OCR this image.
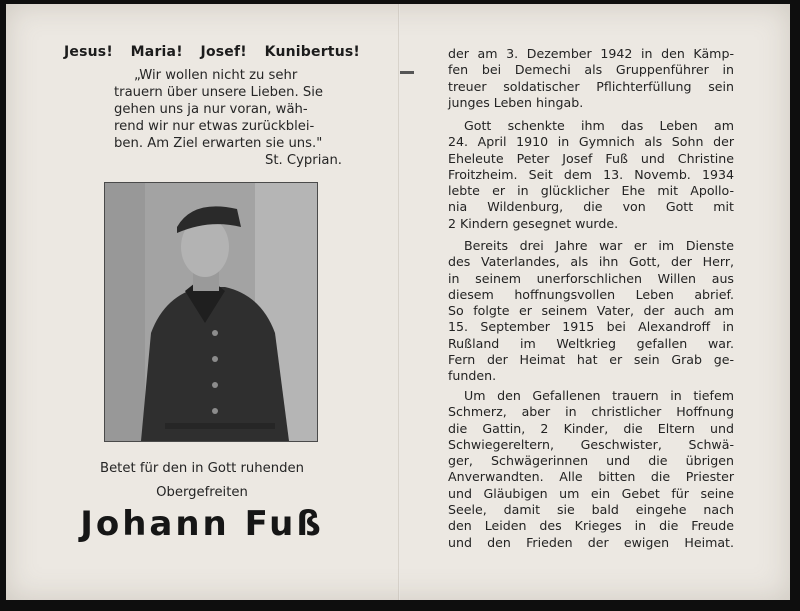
Jesus! Maria! Josef! Kunibertus!
„Wir wollen nicht zu sehr
trauern über unsere Lieben. Sie
gehen uns ja nur voran, wäh-
rend wir nur etwas zurückblei-
ben. Am Ziel erwarten sie uns."
St. Cyprian.
Betet für den in Gott ruhenden
Obergefreiten
Johann Fuß
der am 3. Dezember 1942 in den Kämp-
fen bei Demechi als Gruppenführer in
treuer soldatischer Pflichterfüllung sein
junges Leben hingab.
Gott schenkte ihm das Leben am
24. April 1910 in Gymnich als Sohn der
Eheleute Peter Josef Fuß und Christine
Froitzheim. Seit dem 13. Novemb. 1934
lebte er in glücklicher Ehe mit Apollo-
nia Wildenburg, die von Gott mit
2 Kindern gesegnet wurde.
Bereits drei Jahre war er im Dienste
des Vaterlandes, als ihn Gott, der Herr,
in seinem unerforschlichen Willen aus
diesem hoffnungsvollen Leben abrief.
So folgte er seinem Vater, der auch am
15. September 1915 bei Alexandroff in
Rußland im Weltkrieg gefallen war.
Fern der Heimat hat er sein Grab ge-
funden.
Um den Gefallenen trauern in tiefem
Schmerz, aber in christlicher Hoffnung
die Gattin, 2 Kinder, die Eltern und
Schwiegereltern, Geschwister, Schwä-
ger, Schwägerinnen und die übrigen
Anverwandten. Alle bitten die Priester
und Gläubigen um ein Gebet für seine
Seele, damit sie bald eingehe nach
den Leiden des Krieges in die Freude
und den Frieden der ewigen Heimat.
